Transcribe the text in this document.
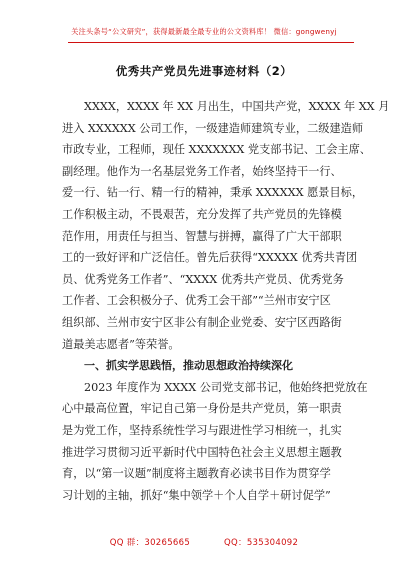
关注头条号“公文研究”，获得最新最全最专业的公文资料库！ 微信：gongwenyj
优秀共产党员先进事迹材料（2）
XXXX，XXXX 年 XX 月出生，中国共产党，XXXX 年 XX 月
进入 XXXXXX 公司工作，一级建造师建筑专业，二级建造师
市政专业，工程师，现任 XXXXXXX 党支部书记、工会主席、
副经理。他作为一名基层党务工作者，始终坚持干一行、
爱一行、钻一行、精一行的精神，秉承 XXXXXX 愿景目标，
工作积极主动，不畏艰苦，充分发挥了共产党员的先锋模
范作用，用责任与担当、智慧与拼搏，赢得了广大干部职
工的一致好评和广泛信任。曾先后获得“XXXXX 优秀共青团
员、优秀党务工作者”、“XXXX 优秀共产党员、优秀党务
工作者、工会积极分子、优秀工会干部”“兰州市安宁区
组织部、兰州市安宁区非公有制企业党委、安宁区西路街
道最美志愿者”等荣誉。
一、抓实学思践悟，推动思想政治持续深化
2023 年度作为 XXXX 公司党支部书记，他始终把党放在
心中最高位置，牢记自己第一身份是共产党员，第一职责
是为党工作，坚持系统性学习与跟进性学习相统一，扎实
推进学习贯彻习近平新时代中国特色社会主义思想主题教
育，以“第一议题”制度将主题教育必读书目作为贯穿学
习计划的主轴，抓好“集中领学＋个人自学＋研讨促学”
QQ 群：30265665	QQ：535304092
